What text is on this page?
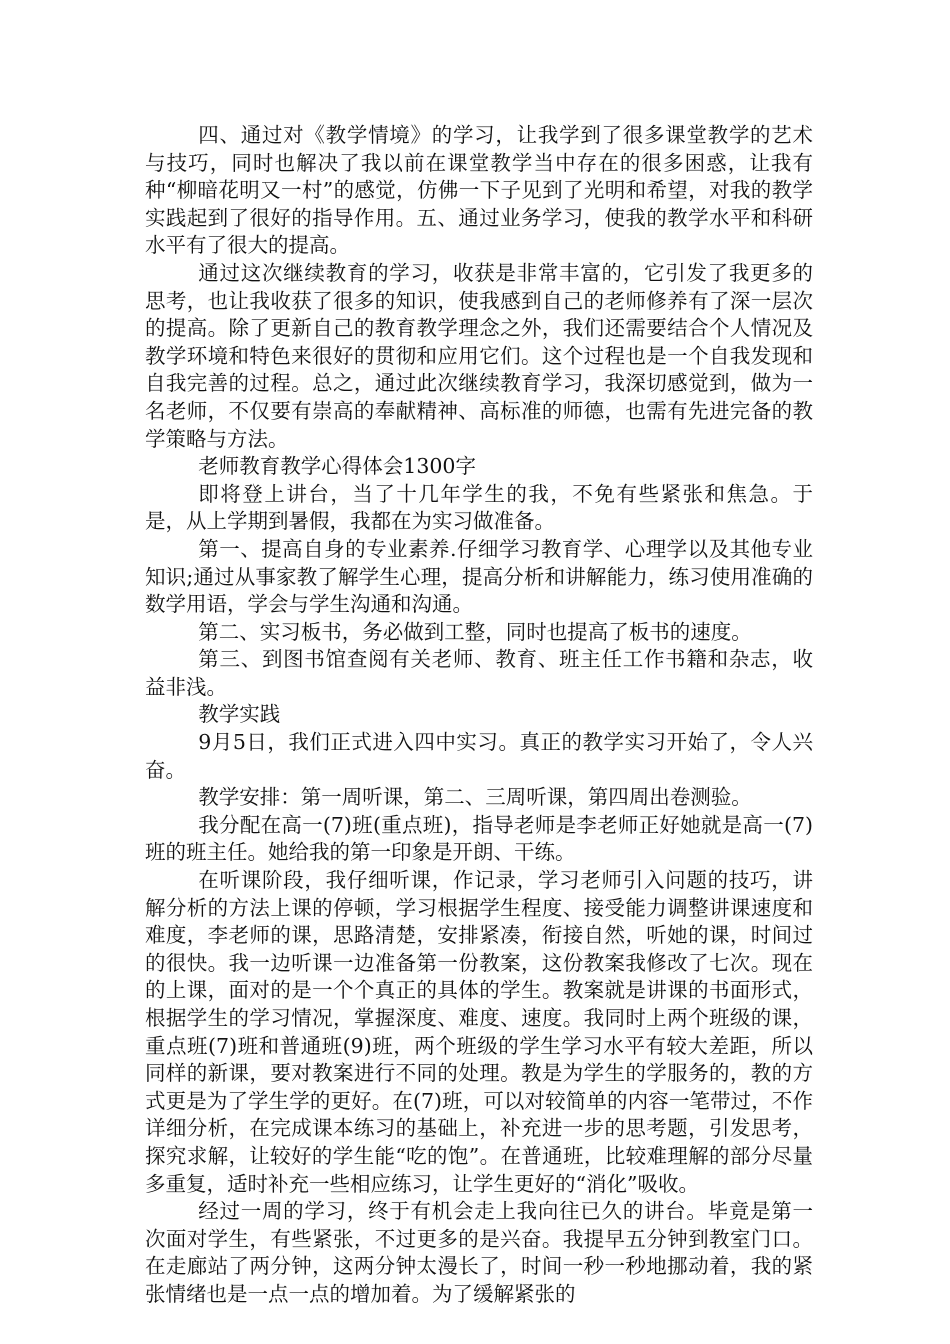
四、通过对《教学情境》的学习，让我学到了很多课堂教学的艺术与技巧，同时也解决了我以前在课堂教学当中存在的很多困惑，让我有种“柳暗花明又一村”的感觉，仿佛一下子见到了光明和希望，对我的教学实践起到了很好的指导作用。五、通过业务学习，使我的教学水平和科研水平有了很大的提高。

通过这次继续教育的学习，收获是非常丰富的，它引发了我更多的思考，也让我收获了很多的知识，使我感到自己的老师修养有了深一层次的提高。除了更新自己的教育教学理念之外，我们还需要结合个人情况及教学环境和特色来很好的贯彻和应用它们。这个过程也是一个自我发现和自我完善的过程。总之，通过此次继续教育学习，我深切感觉到，做为一名老师，不仅要有崇高的奉献精神、高标准的师德，也需有先进完备的教学策略与方法。

老师教育教学心得体会1300字

即将登上讲台，当了十几年学生的我，不免有些紧张和焦急。于是，从上学期到暑假，我都在为实习做准备。

第一、提高自身的专业素养.仔细学习教育学、心理学以及其他专业知识;通过从事家教了解学生心理，提高分析和讲解能力，练习使用准确的数学用语，学会与学生沟通和沟通。

第二、实习板书，务必做到工整，同时也提高了板书的速度。

第三、到图书馆查阅有关老师、教育、班主任工作书籍和杂志，收益非浅。

教学实践

9月5日，我们正式进入四中实习。真正的教学实习开始了，令人兴奋。

教学安排：第一周听课，第二、三周听课，第四周出卷测验。

我分配在高一(7)班(重点班)，指导老师是李老师正好她就是高一(7)班的班主任。她给我的第一印象是开朗、干练。

在听课阶段，我仔细听课，作记录，学习老师引入问题的技巧，讲解分析的方法上课的停顿，学习根据学生程度、接受能力调整讲课速度和难度，李老师的课，思路清楚，安排紧凑，衔接自然，听她的课，时间过的很快。我一边听课一边准备第一份教案，这份教案我修改了七次。现在的上课，面对的是一个个真正的具体的学生。教案就是讲课的书面形式，根据学生的学习情况，掌握深度、难度、速度。我同时上两个班级的课，重点班(7)班和普通班(9)班，两个班级的学生学习水平有较大差距，所以同样的新课，要对教案进行不同的处理。教是为学生的学服务的，教的方式更是为了学生学的更好。在(7)班，可以对较简单的内容一笔带过，不作详细分析，在完成课本练习的基础上，补充进一步的思考题，引发思考，探究求解，让较好的学生能“吃的饱”。在普通班，比较难理解的部分尽量多重复，适时补充一些相应练习，让学生更好的“消化”吸收。

经过一周的学习，终于有机会走上我向往已久的讲台。毕竟是第一次面对学生，有些紧张，不过更多的是兴奋。我提早五分钟到教室门口。在走廊站了两分钟，这两分钟太漫长了，时间一秒一秒地挪动着，我的紧张情绪也是一点一点的增加着。为了缓解紧张的
